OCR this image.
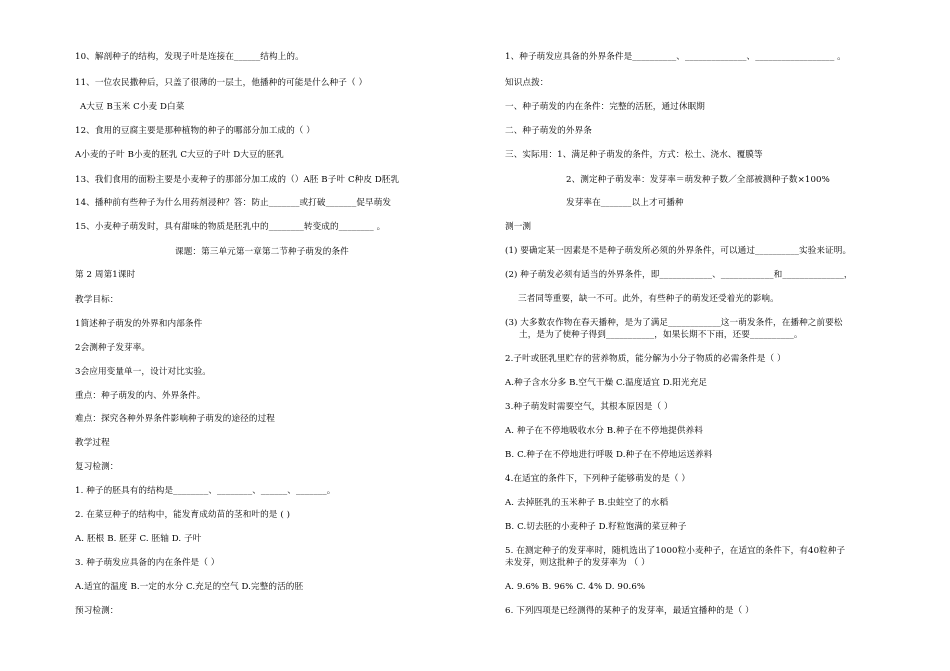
10、解剖种子的结构，发现子叶是连接在______结构上的。
11、一位农民撒种后，只盖了很薄的一层土，他播种的可能是什么种子（ ）
A大豆 B玉米 C小麦 D白菜
12、食用的豆腐主要是那种植物的种子的哪部分加工成的（ ）
A小麦的子叶 B小麦的胚乳 C大豆的子叶 D大豆的胚乳
13、我们食用的面粉主要是小麦种子的那部分加工成的（）A胚 B子叶 C种皮 D胚乳
14、播种前有些种子为什么用药剂浸种？答：防止_______或打破_______促早萌发
15、小麦种子萌发时，具有甜味的物质是胚乳中的________转变成的________ 。
课题：第三单元第一章第二节种子萌发的条件
第 2 周第1课时
教学目标：
1简述种子萌发的外界和内部条件
2会测种子发芽率。
3会应用变量单一，设计对比实验。
重点：种子萌发的内、外界条件。
难点：探究各种外界条件影响种子萌发的途径的过程
教学过程
复习检测：
1. 种子的胚具有的结构是________、________、______、_______。
2. 在菜豆种子的结构中，能发育成幼苗的茎和叶的是 ( )
A. 胚根 B. 胚芽 C. 胚轴 D. 子叶
3. 种子萌发应具备的内在条件是（ ）
A.适宜的温度 B.一定的水分 C.充足的空气 D.完整的活的胚
预习检测：
1、种子萌发应具备的外界条件是__________、______________、__________________ 。
知识点拨：
一、种子萌发的内在条件：完整的活胚，通过休眠期
二、种子萌发的外界条
三、实际用：1、满足种子萌发的条件，方式：松土、浇水、覆膜等
2、测定种子萌发率：发芽率＝萌发种子数／全部被测种子数×100%
发芽率在_______以上才可播种
测一测
(1) 要确定某一因素是不是种子萌发所必须的外界条件，可以通过__________实验来证明。
(2) 种子萌发必须有适当的外界条件，即____________、____________和______________，
三者同等重要，缺一不可。此外，有些种子的萌发还受着光的影响。
(3) 大多数农作物在春天播种，是为了满足____________这一萌发条件，在播种之前要松
土，是为了使种子得到___________，如果长期不下雨，还要__________。
2.子叶或胚乳里贮存的营养物质，能分解为小分子物质的必需条件是（ ）
A.种子含水分多 B.空气干燥 C.温度适宜 D.阳光充足
3.种子萌发时需要空气，其根本原因是（ ）
A. 种子在不停地吸收水分 B.种子在不停地提供养料
B. C.种子在不停地进行呼吸 D.种子在不停地运送养料
4.在适宜的条件下，下列种子能够萌发的是（ ）
A. 去掉胚乳的玉米种子 B.虫蛀空了的水稻
B. C.切去胚的小麦种子 D.籽粒饱满的菜豆种子
5. 在测定种子的发芽率时，随机选出了1000粒小麦种子，在适宜的条件下，有40粒种子
未发芽，则这批种子的发芽率为 （ ）
A. 9.6% B. 96% C. 4% D. 90.6%
6. 下列四项是已经测得的某种子的发芽率，最适宜播种的是（ ）
